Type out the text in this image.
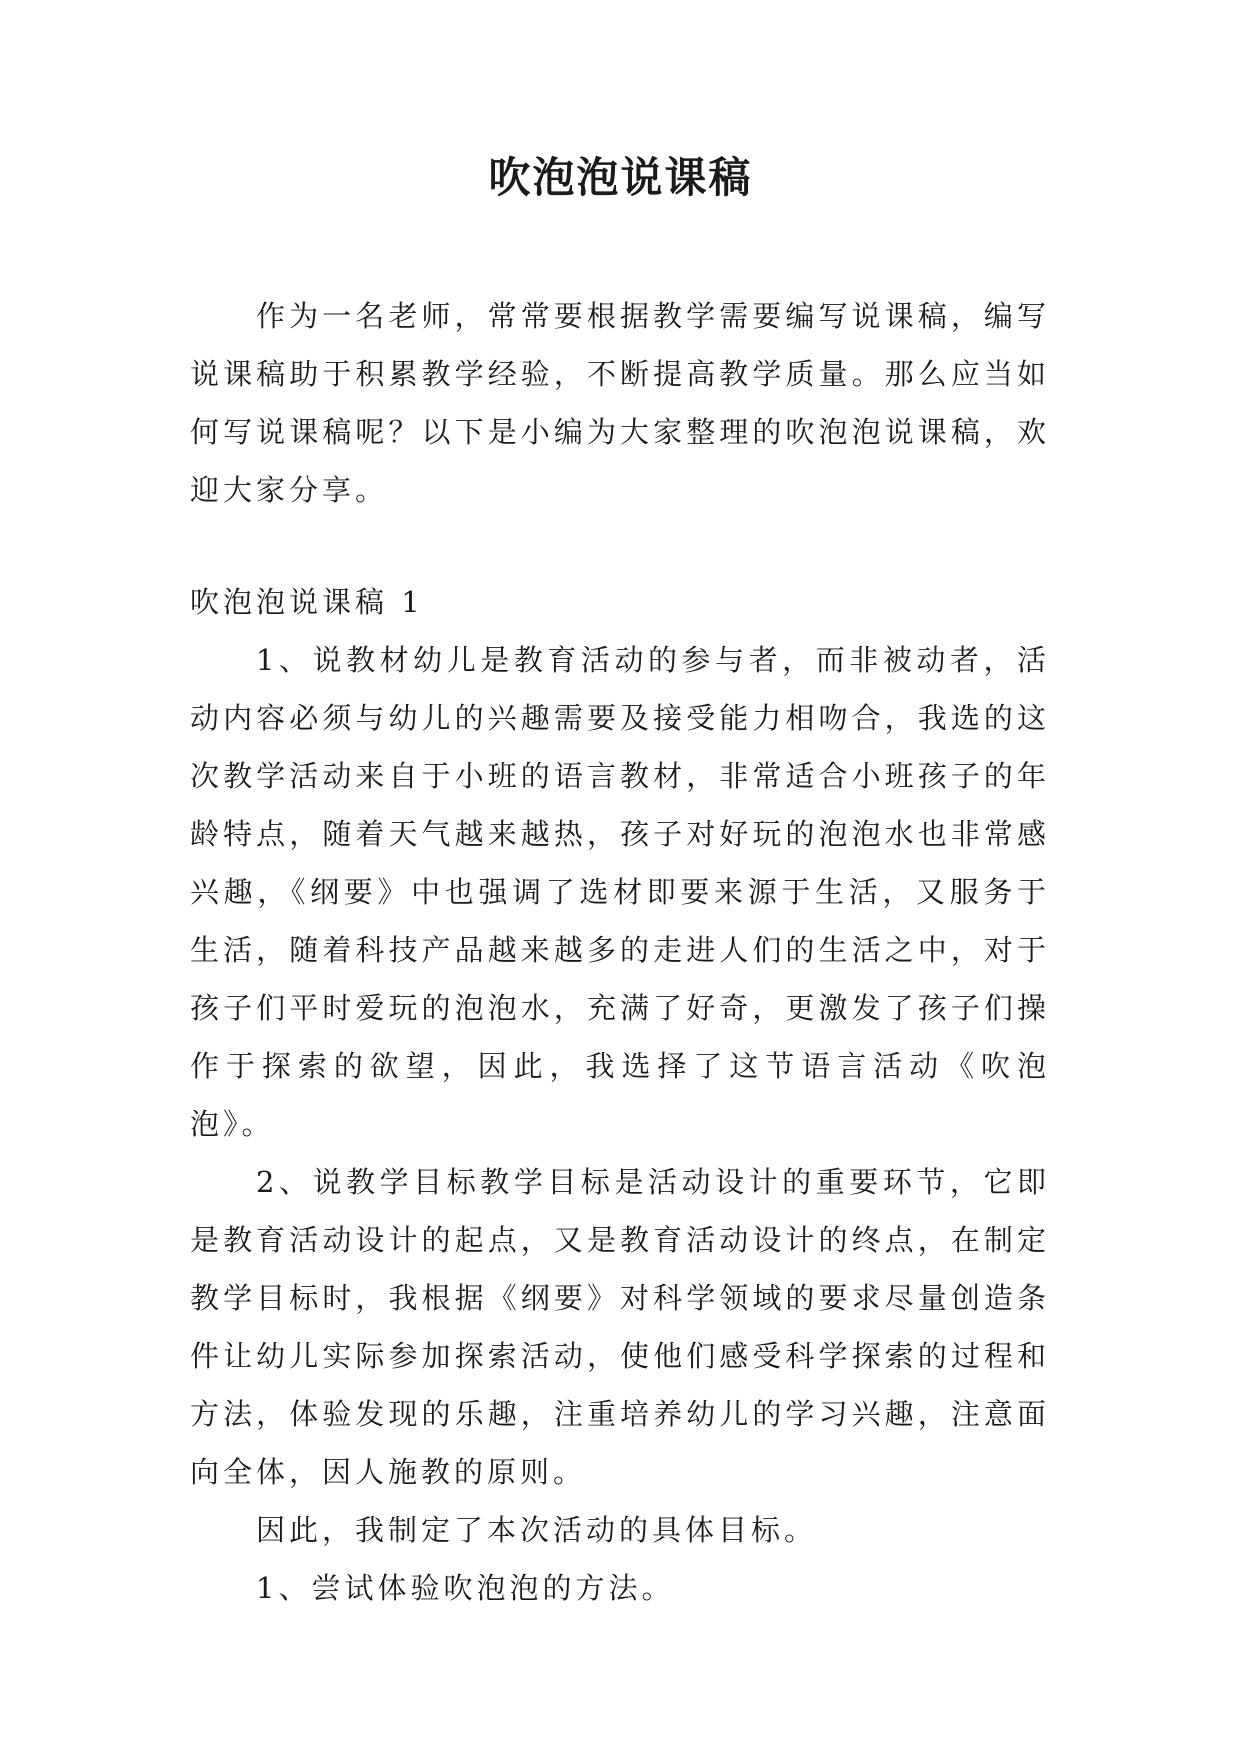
吹泡泡说课稿

作为一名老师，常常要根据教学需要编写说课稿，编写说课稿助于积累教学经验，不断提高教学质量。那么应当如何写说课稿呢？以下是小编为大家整理的吹泡泡说课稿，欢迎大家分享。

吹泡泡说课稿 1

1、说教材幼儿是教育活动的参与者，而非被动者，活动内容必须与幼儿的兴趣需要及接受能力相吻合，我选的这次教学活动来自于小班的语言教材，非常适合小班孩子的年龄特点，随着天气越来越热，孩子对好玩的泡泡水也非常感兴趣，《纲要》中也强调了选材即要来源于生活，又服务于生活，随着科技产品越来越多的走进人们的生活之中，对于孩子们平时爱玩的泡泡水，充满了好奇，更激发了孩子们操作于探索的欲望，因此，我选择了这节语言活动《吹泡泡》。

2、说教学目标教学目标是活动设计的重要环节，它即是教育活动设计的起点，又是教育活动设计的终点，在制定教学目标时，我根据《纲要》对科学领域的要求尽量创造条件让幼儿实际参加探索活动，使他们感受科学探索的过程和方法，体验发现的乐趣，注重培养幼儿的学习兴趣，注意面向全体，因人施教的原则。

因此，我制定了本次活动的具体目标。

1、尝试体验吹泡泡的方法。
